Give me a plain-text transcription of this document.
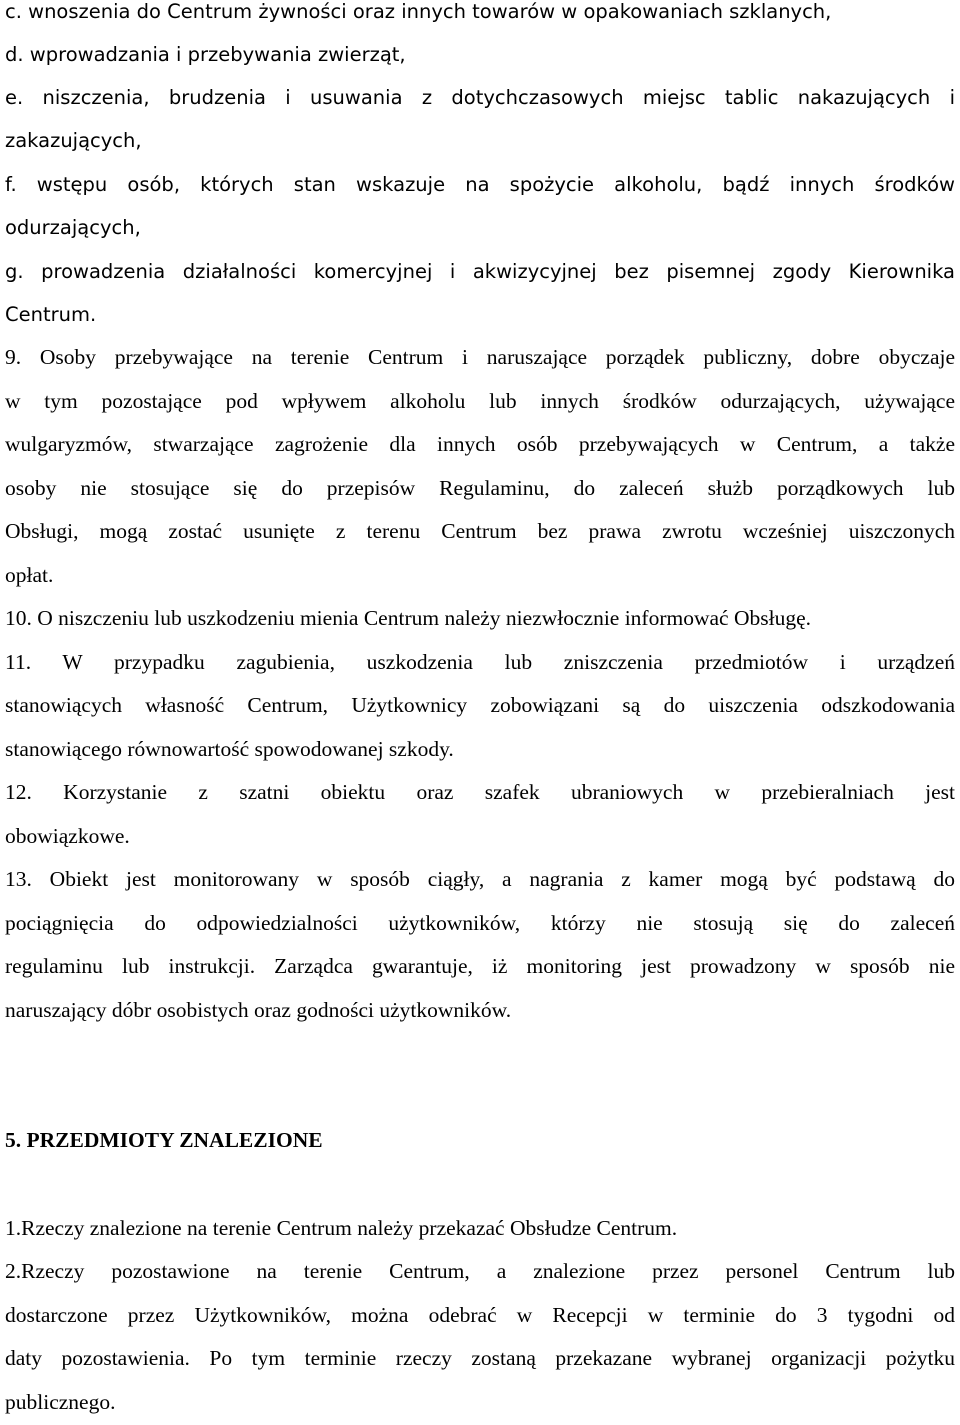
c. wnoszenia do Centrum żywności oraz innych towarów w opakowaniach szklanych,

d. wprowadzania i przebywania zwierząt,

e. niszczenia, brudzenia i usuwania z dotychczasowych miejsc tablic nakazujących i

zakazujących,

f. wstępu osób, których stan wskazuje na spożycie alkoholu, bądź innych środków

odurzających,

g. prowadzenia działalności komercyjnej i akwizycyjnej bez pisemnej zgody Kierownika

Centrum.

9. Osoby przebywające na terenie Centrum i naruszające porządek publiczny, dobre obyczaje

w tym pozostające pod wpływem alkoholu lub innych środków odurzających, używające

wulgaryzmów, stwarzające zagrożenie dla innych osób przebywających w Centrum, a także

osoby nie stosujące się do przepisów Regulaminu, do zaleceń służb porządkowych lub

Obsługi, mogą zostać usunięte z terenu Centrum bez prawa zwrotu wcześniej uiszczonych

opłat.

10. O niszczeniu lub uszkodzeniu mienia Centrum należy niezwłocznie informować Obsługę.

11. W przypadku zagubienia, uszkodzenia lub zniszczenia przedmiotów i urządzeń

stanowiących własność Centrum, Użytkownicy zobowiązani są do uiszczenia odszkodowania

stanowiącego równowartość spowodowanej szkody.

12. Korzystanie z szatni obiektu oraz szafek ubraniowych w przebieralniach jest

obowiązkowe.

13. Obiekt jest monitorowany w sposób ciągły, a nagrania z kamer mogą być podstawą do

pociągnięcia do odpowiedzialności użytkowników, którzy nie stosują się do zaleceń

regulaminu lub instrukcji. Zarządca gwarantuje, iż monitoring jest prowadzony w sposób nie

naruszający dóbr osobistych oraz godności użytkowników.

5. PRZEDMIOTY ZNALEZIONE

1.Rzeczy znalezione na terenie Centrum należy przekazać Obsłudze Centrum.

2.Rzeczy pozostawione na terenie Centrum, a znalezione przez personel Centrum lub

dostarczone przez Użytkowników, można odebrać w Recepcji w terminie do 3 tygodni od

daty pozostawienia. Po tym terminie rzeczy zostaną przekazane wybranej organizacji pożytku

publicznego.
